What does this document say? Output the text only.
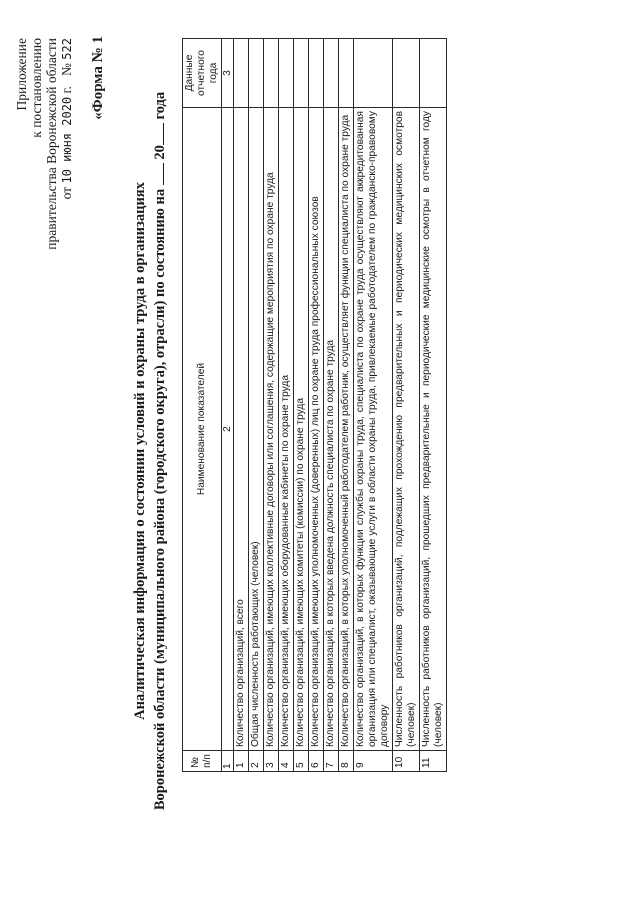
Приложение к постановлению правительства Воронежской области от 10 июня 2020 г.   № 522 «Форма № 1
Аналитическая информация о состоянии условий и охраны труда в организациях Воронежской области (муниципального района (городского округа), отрасли) по состоянию на  20 года
№ п/п	Наименование показателей	Данные отчетного года
1	2	3
1	Количество организаций, всего	
2	Общая численность работающих (человек)	
3	Количество организаций, имеющих коллективные договоры или соглашения, содержащие мероприятия по охране труда	
4	Количество организаций, имеющих оборудованные кабинеты по охране труда	
5	Количество организаций, имеющих комитеты (комиссии) по охране труда	
6	Количество организаций, имеющих уполномоченных (доверенных) лиц по охране труда профессиональных союзов	
7	Количество организаций, в которых введена должность специалиста по охране труда	
8	Количество организаций, в которых уполномоченный работодателем работник, осуществляет функции специалиста по охране труда	
9	Количество организаций, в которых функции службы охраны труда, специалиста по охране труда осуществляют аккредитованная организация или специалист, оказывающие услуги в области охраны труда, привлекаемые работодателем по гражданско-правовому договору	
10	Численность работников организаций, подлежащих прохождению предварительных и периодических медицинских осмотров (человек)	
11	Численность работников организаций, прошедших предварительные и периодические медицинские осмотры в отчетном году (человек)	
